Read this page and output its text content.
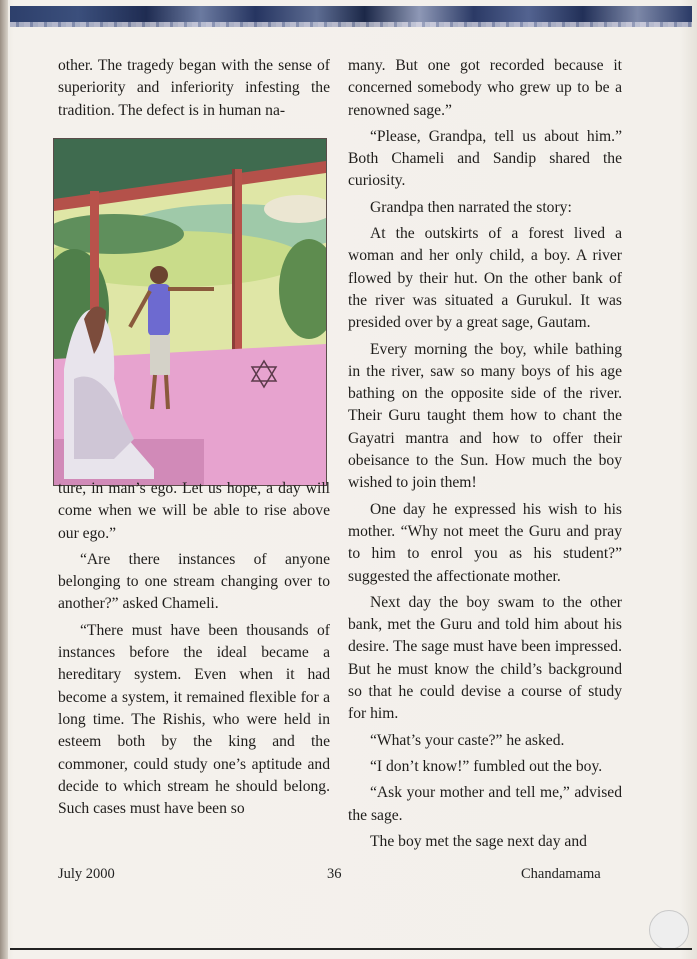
other. The tragedy began with the sense of superiority and inferiority infesting the tradition. The defect is in human na-

ture, in man’s ego. Let us hope, a day will come when we will be able to rise above our ego.”

“Are there instances of anyone belonging to one stream changing over to another?” asked Chameli.

“There must have been thousands of instances before the ideal became a hereditary system. Even when it had become a system, it remained flexible for a long time. The Rishis, who were held in esteem both by the king and the commoner, could study one’s aptitude and decide to which stream he should belong. Such cases must have been so

many. But one got recorded because it concerned somebody who grew up to be a renowned sage.”

“Please, Grandpa, tell us about him.” Both Chameli and Sandip shared the curiosity.

Grandpa then narrated the story:

At the outskirts of a forest lived a woman and her only child, a boy. A river flowed by their hut. On the other bank of the river was situated a Gurukul. It was presided over by a great sage, Gautam.

Every morning the boy, while bathing in the river, saw so many boys of his age bathing on the opposite side of the river. Their Guru taught them how to chant the Gayatri mantra and how to offer their obeisance to the Sun. How much the boy wished to join them!

One day he expressed his wish to his mother. “Why not meet the Guru and pray to him to enrol you as his student?” suggested the affectionate mother.

Next day the boy swam to the other bank, met the Guru and told him about his desire. The sage must have been impressed. But he must know the child’s background so that he could devise a course of study for him.

“What’s your caste?” he asked.

“I don’t know!” fumbled out the boy.

“Ask your mother and tell me,” advised the sage.

The boy met the sage next day and

July 2000	36	Chandamama
